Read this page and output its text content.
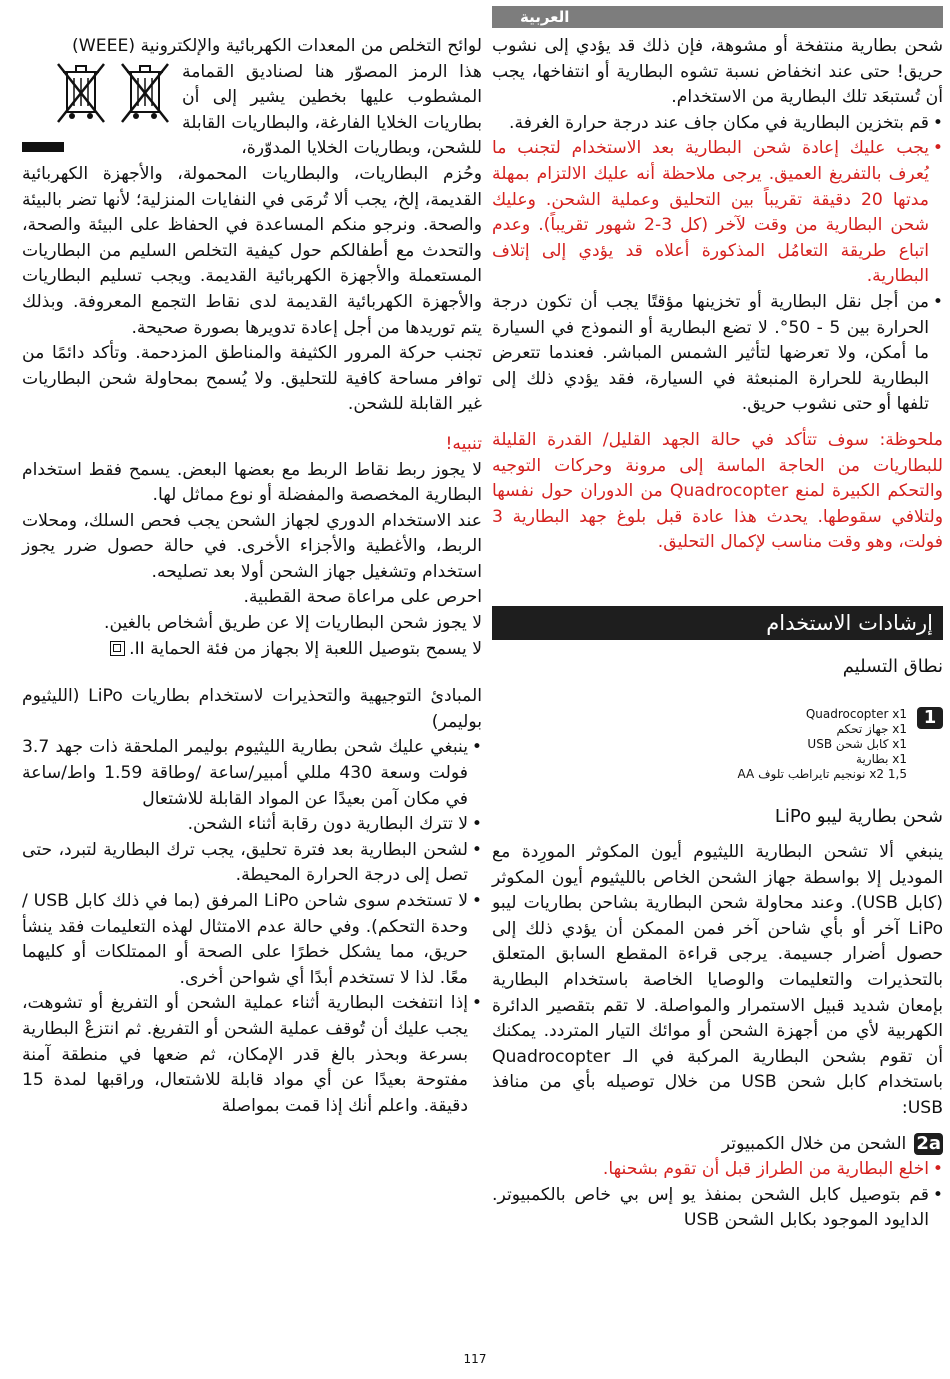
العربية

شحن بطارية منتفخة أو مشوهة، فإن ذلك قد يؤدي إلى نشوب حريق! حتى عند انخفاض نسبة تشوه البطارية أو انتفاخها، يجب أن تُستبعَد تلك البطارية من الاستخدام.

• قم بتخزين البطارية في مكان جاف عند درجة حرارة الغرفة.
• يجب عليك إعادة شحن البطارية بعد الاستخدام لتجنب ما يُعرف بالتفريغ العميق. يرجى ملاحظة أنه عليك الالتزام بمهلة مدتها 20 دقيقة تقريباً بين التحليق وعملية الشحن. وعليك شحن البطارية من وقت لآخر (كل 3-2 شهور تقريباً). وعدم اتباع طريقة التعامُل المذكورة أعلاه قد يؤدي إلى إتلاف البطارية.
• من أجل نقل البطارية أو تخزينها مؤقتًا يجب أن تكون درجة الحرارة بين 5 - 50°. لا تضع البطارية أو النموذج في السيارة ما أمكن، ولا تعرضها لتأثير الشمس المباشر. فعندما تتعرض البطارية للحرارة المنبعثة في السيارة، فقد يؤدي ذلك إلى تلفها أو حتى نشوب حريق.

ملحوظة: سوف تتأكد في حالة الجهد القليل/ القدرة القليلة للبطاريات من الحاجة الماسة إلى مرونة وحركات التوجيه والتحكم الكبيرة لمنع Quadrocopter من الدوران حول نفسها ولتلافي سقوطها. يحدث هذا عادة قبل بلوغ جهد البطارية 3 فولت، وهو وقت مناسب لإكمال التحليق.

إرشادات الاستخدام

نطاق التسليم

1
Quadrocopter x1
x1 جهاز تحكم
x1 كابل شحن USB
x1 بطارية
1,5 x2 نونجيم تايراطب تلوف AA

شحن بطارية ليبو LiPo

ينبغي ألا تشحن البطارية الليثيوم أيون المكوثر المورِدة مع الموديل إلا بواسطة جهاز الشحن الخاص بالليثيوم أيون المكوثر (كابل USB). وعند محاولة شحن البطارية بشاحن بطاريات ليبو LiPo آخر أو بأي شاحن آخر فمن الممكن أن يؤدي ذلك إلى حصول أضرار جسيمة. يرجى قراءة المقطع السابق المتعلق بالتحذيرات والتعليمات والوصايا الخاصة باستخدام البطارية بإمعان شديد قبيل الاستمرار والمواصلة. لا تقم بتقصير الدائرة الكهربية لأي من أجهزة الشحن أو موائك التيار المتردد. يمكنك أن تقوم بشحن البطارية المركبة في الـ Quadrocopter باستخدام كابل شحن USB من خلال توصيله بأي من منافذ USB:

2a
الشحن من خلال الكمبيوتر
• اخلع البطارية من الطراز قبل أن تقوم بشحنها.
• قم بتوصيل كابل الشحن بمنفذ يو إس بي خاص بالكمبيوتر. الدايود الموجود بكابل الشحن USB

لوائح التخلص من المعدات الكهربائية والإلكترونية (WEEE)

هذا الرمز المصوّر هنا لصناديق القمامة المشطوب عليها بخطين يشير إلى أن بطاريات الخلايا الفارغة، والبطاريات القابلة للشحن، وبطاريات الخلايا المدوّرة،

وحُزم البطاريات، والبطاريات المحمولة، والأجهزة الكهربائية القديمة، إلخ، يجب ألا تُرمَى في النفايات المنزلية؛ لأنها تضر بالبيئة والصحة. ونرجو منكم المساعدة في الحفاظ على البيئة والصحة، والتحدث مع أطفالكم حول كيفية التخلص السليم من البطاريات المستعملة والأجهزة الكهربائية القديمة. ويجب تسليم البطاريات والأجهزة الكهربائية القديمة لدى نقاط التجمع المعروفة. وبذلك يتم توريدها من أجل إعادة تدويرها بصورة صحيحة.

تجنب حركة المرور الكثيفة والمناطق المزدحمة. وتأكد دائمًا من توافر مساحة كافية للتحليق. ولا يُسمح بمحاولة شحن البطاريات غير القابلة للشحن.

تنبيه!

لا يجوز ربط نقاط الربط مع بعضها البعض. يسمح فقط استخدام البطارية المخصصة والمفضلة أو نوع مماثل لها.

عند الاستخدام الدوري لجهاز الشحن يجب فحص السلك، ومحلات الربط، والأغطية والأجزاء الأخرى. في حالة حصول ضرر يجوز استخدام وتشغيل جهاز الشحن أولا بعد تصليحه.

احرص على مراعاة صحة القطبية.

لا يجوز شحن البطاريات إلا عن طريق أشخاص بالغين.

لا يسمح بتوصيل اللعبة إلا بجهاز من فئة الحماية II.

المبادئ التوجيهية والتحذيرات لاستخدام بطاريات LiPo (الليثيوم بوليمر)

• ينبغي عليك شحن بطارية الليثيوم بوليمر الملحقة ذات جهد 3.7 فولت وسعة 430 مللي أمبير/ساعة /وطاقة 1.59 واط/ساعة في مكان آمن بعيدًا عن المواد القابلة للاشتعال
• لا تترك البطارية دون رقابة أثناء الشحن.
• لشحن البطارية بعد فترة تحليق، يجب ترك البطارية لتبرد، حتى تصل إلى درجة الحرارة المحيطة.
• لا تستخدم سوى شاحن LiPo المرفق (بما في ذلك كابل USB / وحدة التحكم). وفي حالة عدم الامتثال لهذه التعليمات فقد ينشأ حريق، مما يشكل خطرًا على الصحة أو الممتلكات أو كليهما معًا. لذا لا تستخدم أبدًا أي شواحن أخرى.
• إذا انتفخت البطارية أثناء عملية الشحن أو التفريغ أو تشوهت، يجب عليك أن تُوقف عملية الشحن أو التفريغ. ثم انتزعْ البطارية بسرعة وبحذر بالغ قدر الإمكان، ثم ضعها في منطقة آمنة مفتوحة بعيدًا عن أي مواد قابلة للاشتعال، وراقبها لمدة 15 دقيقة. واعلم أنك إذا قمت بمواصلة
117
